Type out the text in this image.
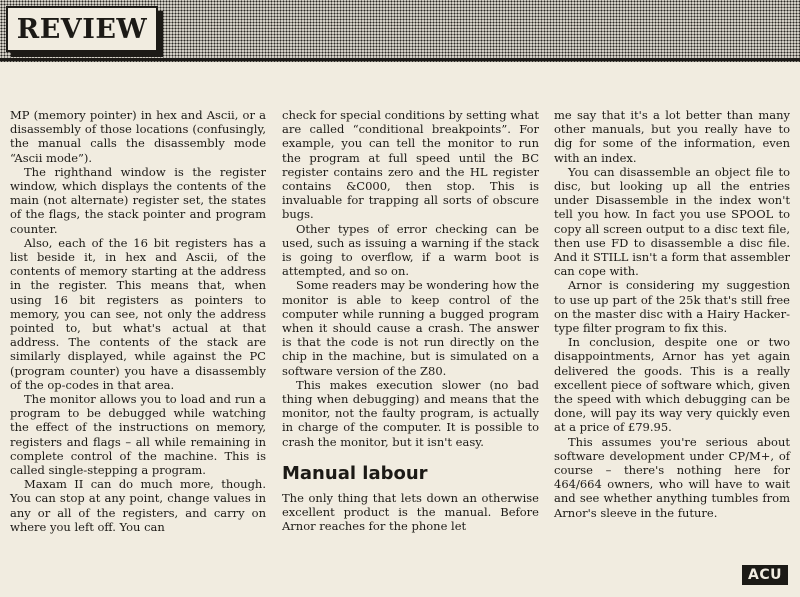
REVIEW

MP (memory pointer) in hex and Ascii, or a disassembly of those locations (confusingly, the manual calls the disassembly mode “Ascii mode”).

The righthand window is the register window, which displays the contents of the main (not alternate) register set, the states of the flags, the stack pointer and program counter.

Also, each of the 16 bit registers has a list beside it, in hex and Ascii, of the contents of memory starting at the address in the register. This means that, when using 16 bit registers as pointers to memory, you can see, not only the address pointed to, but what's actual at that address. The contents of the stack are similarly displayed, while against the PC (program counter) you have a disassembly of the op-codes in that area.

The monitor allows you to load and run a program to be debugged while watching the effect of the instructions on memory, registers and flags – all while remaining in complete control of the machine. This is called single-stepping a program.

Maxam II can do much more, though. You can stop at any point, change values in any or all of the registers, and carry on where you left off. You can

check for special conditions by setting what are called “conditional breakpoints”. For example, you can tell the monitor to run the program at full speed until the BC register contains zero and the HL register contains &C000, then stop. This is invaluable for trapping all sorts of obscure bugs.

Other types of error checking can be used, such as issuing a warning if the stack is going to overflow, if a warm boot is attempted, and so on.

Some readers may be wondering how the monitor is able to keep control of the computer while running a bugged program when it should cause a crash. The answer is that the code is not run directly on the chip in the machine, but is simulated on a software version of the Z80.

This makes execution slower (no bad thing when debugging) and means that the monitor, not the faulty program, is actually in charge of the computer. It is possible to crash the monitor, but it isn't easy.

Manual labour

The only thing that lets down an otherwise excellent product is the manual. Before Arnor reaches for the phone let

me say that it's a lot better than many other manuals, but you really have to dig for some of the information, even with an index.

You can disassemble an object file to disc, but looking up all the entries under Disassemble in the index won't tell you how. In fact you use SPOOL to copy all screen output to a disc text file, then use FD to disassemble a disc file. And it STILL isn't a form that assembler can cope with.

Arnor is considering my suggestion to use up part of the 25k that's still free on the master disc with a Hairy Hacker-type filter program to fix this.

In conclusion, despite one or two disappointments, Arnor has yet again delivered the goods. This is a really excellent piece of software which, given the speed with which debugging can be done, will pay its way very quickly even at a price of £79.95.

This assumes you're serious about software development under CP/M+, of course – there's nothing here for 464/664 owners, who will have to wait and see whether anything tumbles from Arnor's sleeve in the future.

ACU
